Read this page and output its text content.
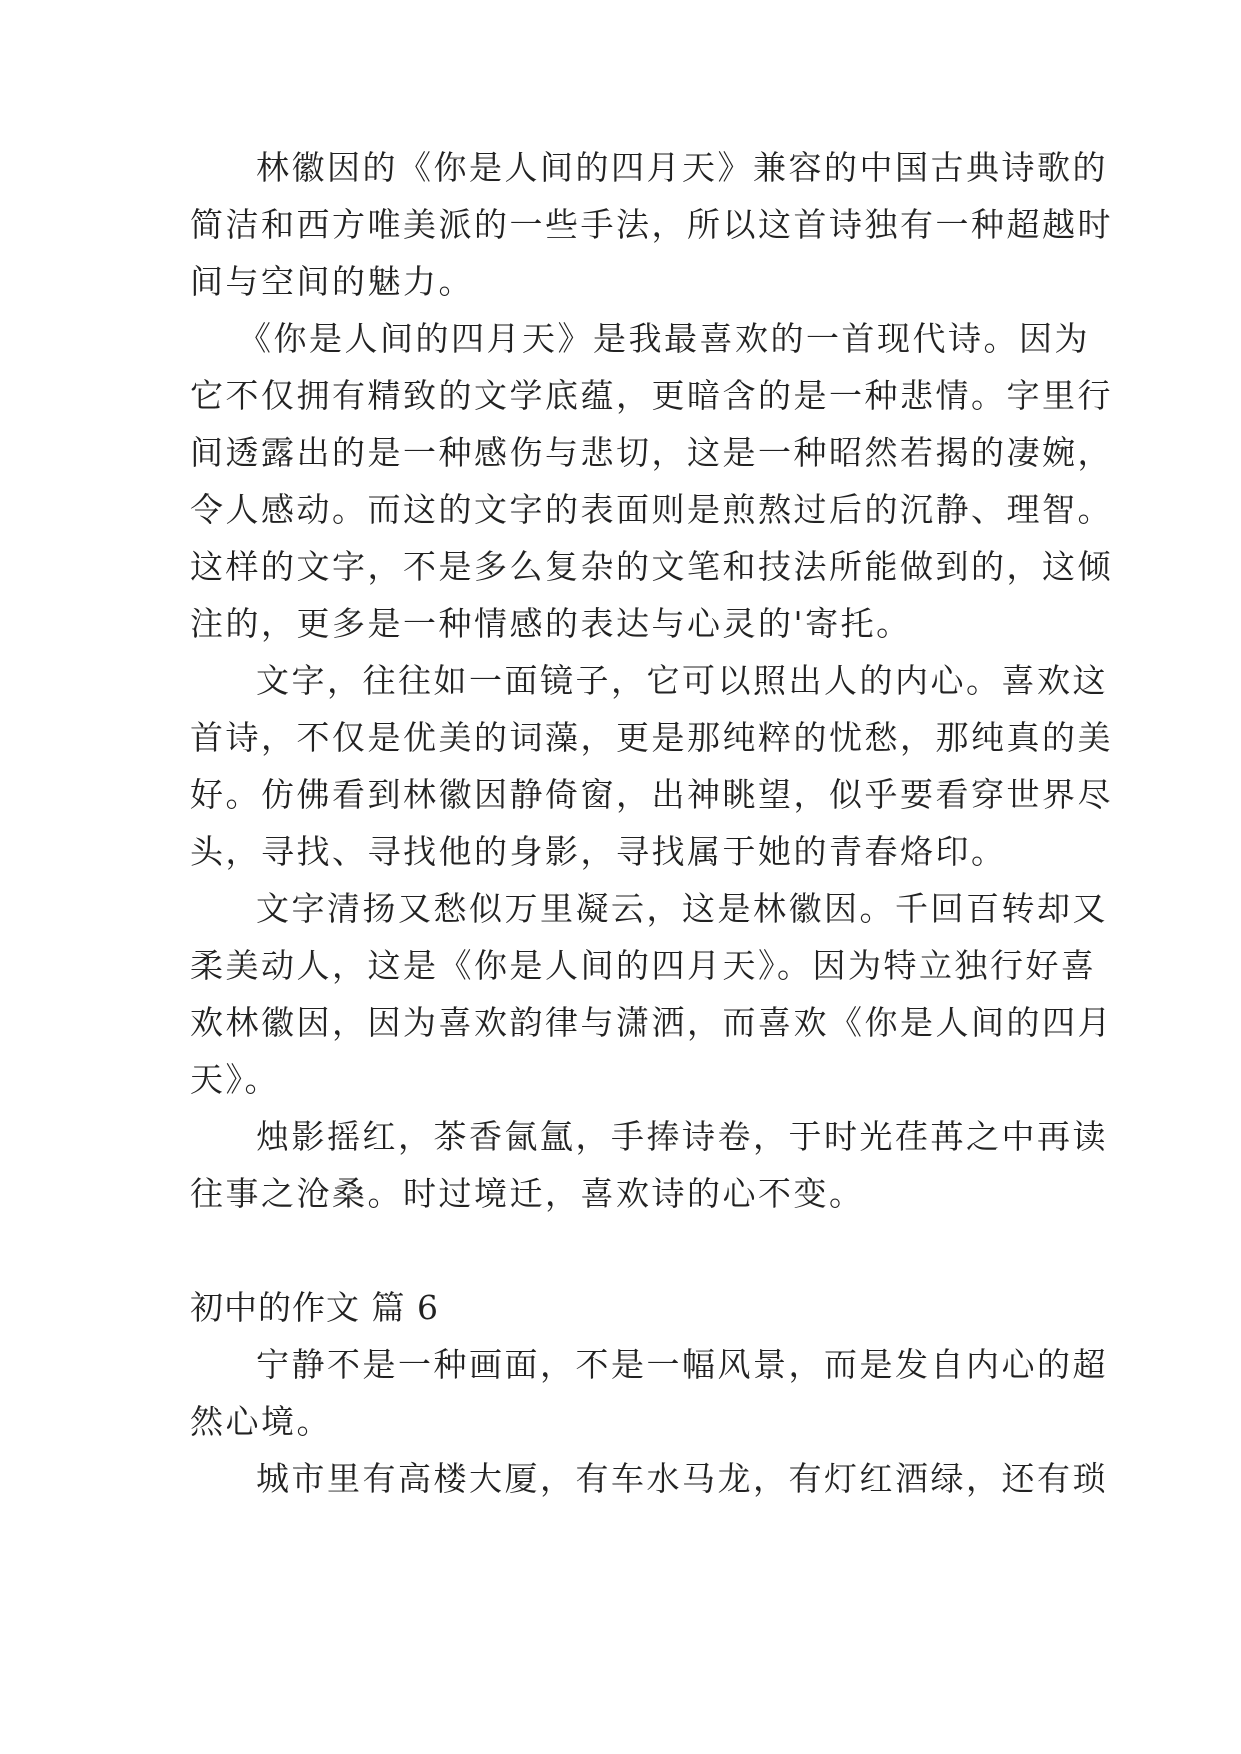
林徽因的《你是人间的四月天》兼容的中国古典诗歌的
简洁和西方唯美派的一些手法，所以这首诗独有一种超越时
间与空间的魅力。
《你是人间的四月天》是我最喜欢的一首现代诗。因为
它不仅拥有精致的文学底蕴，更暗含的是一种悲情。字里行
间透露出的是一种感伤与悲切，这是一种昭然若揭的凄婉，
令人感动。而这的文字的表面则是煎熬过后的沉静、理智。
这样的文字，不是多么复杂的文笔和技法所能做到的，这倾
注的，更多是一种情感的表达与心灵的'寄托。
文字，往往如一面镜子，它可以照出人的内心。喜欢这
首诗，不仅是优美的词藻，更是那纯粹的忧愁，那纯真的美
好。仿佛看到林徽因静倚窗，出神眺望，似乎要看穿世界尽
头，寻找、寻找他的身影，寻找属于她的青春烙印。
文字清扬又愁似万里凝云，这是林徽因。千回百转却又
柔美动人，这是《你是人间的四月天》。因为特立独行好喜
欢林徽因，因为喜欢韵律与潇洒，而喜欢《你是人间的四月
天》。
烛影摇红，茶香氤氲，手捧诗卷，于时光荏苒之中再读
往事之沧桑。时过境迁，喜欢诗的心不变。
初中的作文 篇 6
宁静不是一种画面，不是一幅风景，而是发自内心的超
然心境。
城市里有高楼大厦，有车水马龙，有灯红酒绿，还有琐
